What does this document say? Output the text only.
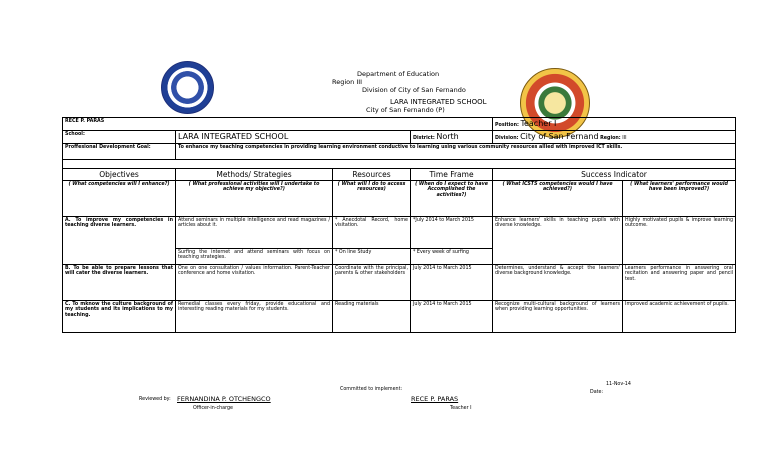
Department of Education
Region III
Division of City of San Fernando
LARA INTEGRATED SCHOOL
City of San Fernando (P)
RECE P. PARAS				Position: Teacher I	
School:	LARA INTEGRATED SCHOOL		District: North	Division: City of San Fernand Region: III	
Proffesional Development Goal:	To enhance my teaching competencies in providing learning environment conductive to learning using various community resources allied with improved ICT skills.				

Objectives	Methods/ Strategies	Resources	Time Frame	Success Indicator	
( What competencies will I enhance?)	( What professional activities will I undertake to achieve my objective?)	( What will I do to access resources)	( When do I expect to have Accomplished the activities?)	( What ICSTS competencies would I have achieved?)	( What learners' performance would have been improved?)
A. To improve my competencies in teaching diverse learners.	Attend seminars in multiple intelligence and read magazines / articles about it.	* Anecdotal Record, home visitation.	*July 2014 to March 2015	Enhance learners' skills in teaching pupils with diverse knowledge.	Highly motivated pupils & improve learning outcome.
	Surfing the internet and attend seminars with focus on teaching strategies.	* On line Study	* Every week of surfing		
B. To be able to prepare lessons that will cater the diverse learners.	One on one consultation / values information. Parent-Teacher conference and home visitation.	Coordinate with the principal, parents & other stakeholders	July 2014 to March 2015	Determines, understand & accept the learners' diverse background knowledge.	Learners performance in answering oral recitation and answering paper and pencil test.
C. To mknow the culture background of my students and its implications to my teaching.	Remedial classes every friday, provide educational and interesting reading materials for my students.	Reading materials	July 2014 to March 2015	Recognize multi-cultural background of learners when providing learning opportunities.	Improved academic achievement of pupils.
Committed to implement:
Reviewed by: FERNANDINA P. OTCHENGCO
Officer-in-charge
RECE P. PARAS
Teacher I
11-Nov-14
Date:
